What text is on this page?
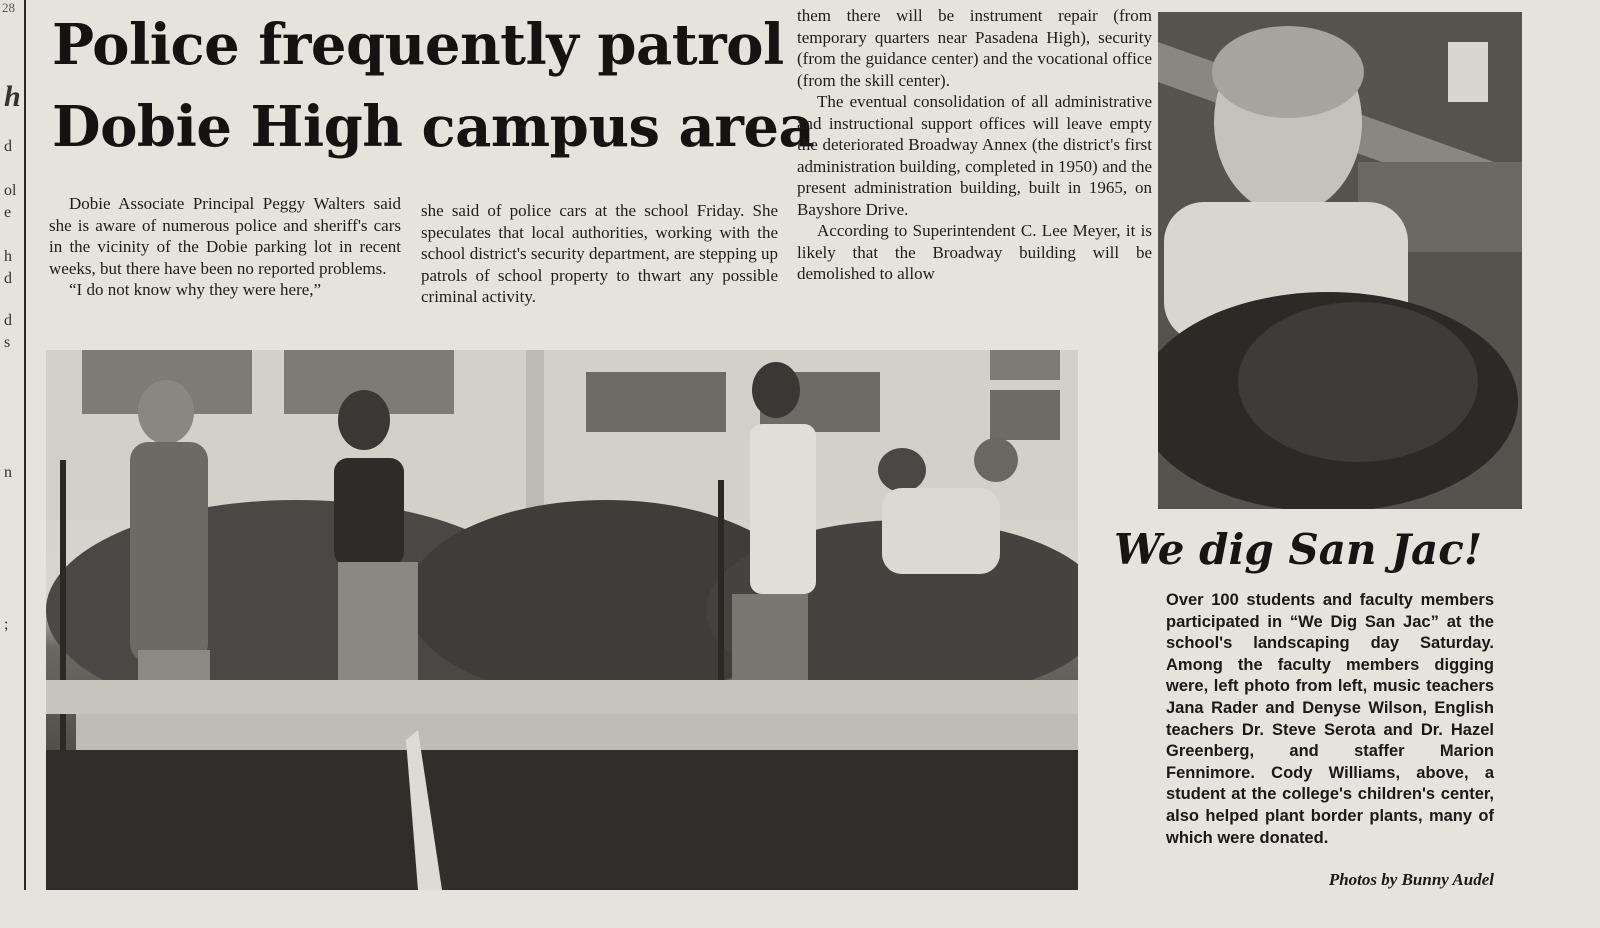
28
h
d
ol
e
h
d
d
s
n
;
Police frequently patrol
Dobie High campus area

Dobie Associate Principal Peggy Walters said she is aware of numerous police and sheriff's cars in the vicinity of the Dobie parking lot in recent weeks, but there have been no reported problems.

“I do not know why they were here,”

she said of police cars at the school Friday. She speculates that local authorities, working with the school district's security department, are stepping up patrols of school property to thwart any possible criminal activity.

them there will be instrument repair (from temporary quarters near Pasadena High), security (from the guidance center) and the vocational office (from the skill center).

The eventual consolidation of all administrative and instructional support offices will leave empty the deteriorated Broadway Annex (the district's first administration building, completed in 1950) and the present administration building, built in 1965, on Bayshore Drive.

According to Superintendent C. Lee Meyer, it is likely that the Broadway building will be demolished to allow

We dig San Jac!

Over 100 students and faculty members participated in “We Dig San Jac” at the school's landscaping day Saturday. Among the faculty members digging were, left photo from left, music teachers Jana Rader and Denyse Wilson, English teachers Dr. Steve Serota and Dr. Hazel Greenberg, and staffer Marion Fennimore. Cody Williams, above, a student at the college's children's center, also helped plant border plants, many of which were donated.

Photos by Bunny Audel
